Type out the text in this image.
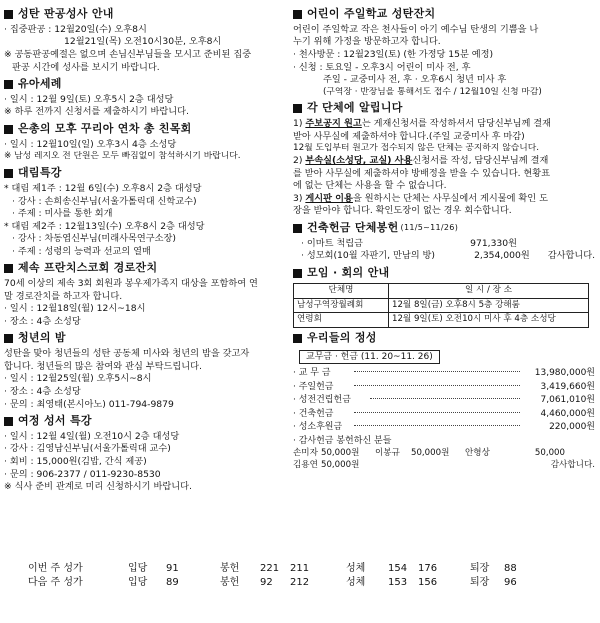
성탄 판공성사 안내
· 집중판공 : 12월20일(수) 오후8시
12월21일(목) 오전10시30분, 오후8시
※ 공동판공예절은 없으며 손님신부님들을 모시고 준비된 집중
판공 시간에 성사를 보시기 바랍니다.
유아세례
· 일시 : 12월 9일(토) 오후5시 2층 대성당
※ 하루 전까지 신청서를 제출하시기 바랍니다.
은총의 모후 꾸리아 연차 총 친목회
· 일시 : 12월10일(일) 오후3시 4층 소성당
※ 남성 레지오 전 단원은 모두 빠짐없이 참석하시기 바랍니다.
대림특강
* 대림 제1주 : 12월 6일(수) 오후8시 2층 대성당
· 강사 : 손희송신부님(서울가톨릭대 신학교수)
· 주제 : 미사를 통한 회개
* 대림 제2주 : 12월13일(수) 오후8시 2층 대성당
· 강사 : 차동엽신부님(미래사목연구소장)
· 주제 : 성령의 능력과 선교의 열매
제속 프란치스코회 경로잔치
70세 이상의 제속 3회 회원과 봉우제가족지 대상을 포함하여 연
말 경로잔치를 하고자 합니다.
· 일시 : 12월18일(월) 12시~18시
· 장소 : 4층 소성당
청년의 밤
성탄을 맞아 청년들의 성탄 공동체 미사와 청년의 밤을 갖고자
합니다. 청년들의 많은 참여와 관심 부탁드립니다.
· 일시 : 12월25일(월) 오후5시~8시
· 장소 : 4층 소성당
· 문의 : 최영태(본시아노) 011-794-9879
여정 성서 특강
· 일시 : 12월 4일(월) 오전10시 2층 대성당
· 강사 : 김영남신부님(서울가톨릭대 교수)
· 회비 : 15,000원(김밥, 간식 제공)
· 문의 : 906-2377 / 011-9230-8530
※ 식사 준비 관계로 미리 신청하시기 바랍니다.
어린이 주일학교 성탄잔치
어린이 주일학교 작은 천사들이 아기 예수님 탄생의 기쁨을 나
누기 위해 가정을 방문하고자 합니다.
· 천사방문 : 12월23일(토) (한 가정당 15분 예정)
· 신청 : 토요일 - 오후3시 어린이 미사 전, 후
주일 - 교중미사 전, 후 · 오후6시 청년 미사 후
(구역장 · 반장님을 통해서도 접수 / 12월10일 신청 마감)
각 단체에 알립니다
1) 주보공지 원고는 게재신청서를 작성하셔서 담당신부님께 결재
받아 사무실에 제출하셔야 합니다.(주일 교중미사 후 마감)
12월 도입부터 원고가 접수되지 않은 단체는 공지하지 않습니다.
2) 부속실(소성당, 교실) 사용신청서를 작성, 담당신부님께 결재
를 받아 사무실에 제출하셔야 방배정을 받을 수 있습니다. 현황표
에 없는 단체는 사용을 할 수 없습니다.
3) 게시판 이용을 원하시는 단체는 사무실에서 게시물에 확인 도
장을 받아야 합니다. 확인도장이 없는 경우 회수합니다.
건축헌금 단체봉헌 (11/5~11/26)
· 이마트 척립금	971,330원
· 성모회(10월 자판기, 만남의 방)	2,354,000원 감사합니다.
모임 · 회의 안내
단체명	일 시 / 장 소
남성구역장월례회	12월 8일(금) 오후8시 5층 강해룸
연령회	12월 9일(토) 오전10시 미사 후 4층 소성당
우리들의 정성
교무금 · 헌금 (11. 20~11. 26)
· 교 무 금	13,980,000원
· 주일헌금	3,419,660원
· 성전건립헌금	7,061,010원
· 건축헌금	4,460,000원
· 성소후원금	220,000원
· 감사헌금 봉헌하신 분들
손미자 50,000원	이봉규	50,000원	안형상	50,000
김용연 50,000원	감사합니다.
이번 주 성가	입당	91	봉헌	221	211	성체	154	176	퇴장	88
다음 주 성가	입당	89	봉헌	92	212	성체	153	156	퇴장	96
